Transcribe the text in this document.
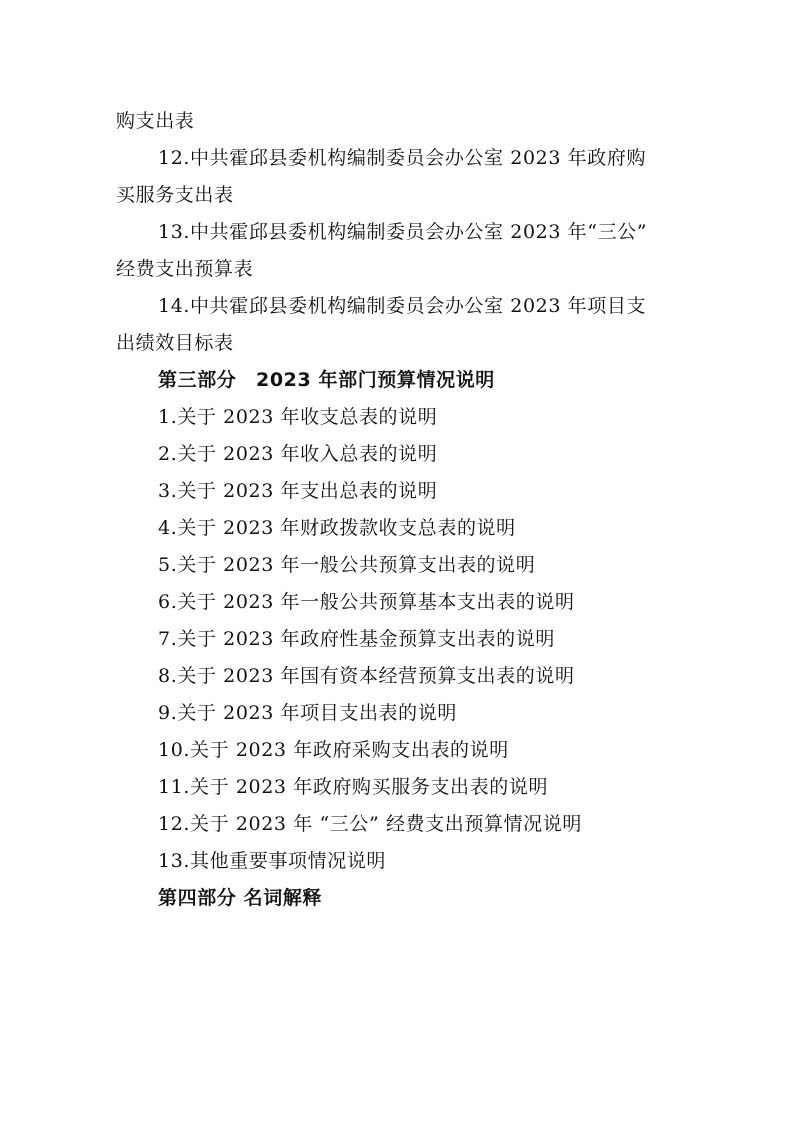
购支出表
12.中共霍邱县委机构编制委员会办公室 2023 年政府购
买服务支出表
13.中共霍邱县委机构编制委员会办公室 2023 年“三公”
经费支出预算表
14.中共霍邱县委机构编制委员会办公室 2023 年项目支
出绩效目标表
第三部分　2023 年部门预算情况说明
1.关于 2023 年收支总表的说明
2.关于 2023 年收入总表的说明
3.关于 2023 年支出总表的说明
4.关于 2023 年财政拨款收支总表的说明
5.关于 2023 年一般公共预算支出表的说明
6.关于 2023 年一般公共预算基本支出表的说明
7.关于 2023 年政府性基金预算支出表的说明
8.关于 2023 年国有资本经营预算支出表的说明
9.关于 2023 年项目支出表的说明
10.关于 2023 年政府采购支出表的说明
11.关于 2023 年政府购买服务支出表的说明
12.关于 2023 年 “三公” 经费支出预算情况说明
13.其他重要事项情况说明
第四部分 名词解释
